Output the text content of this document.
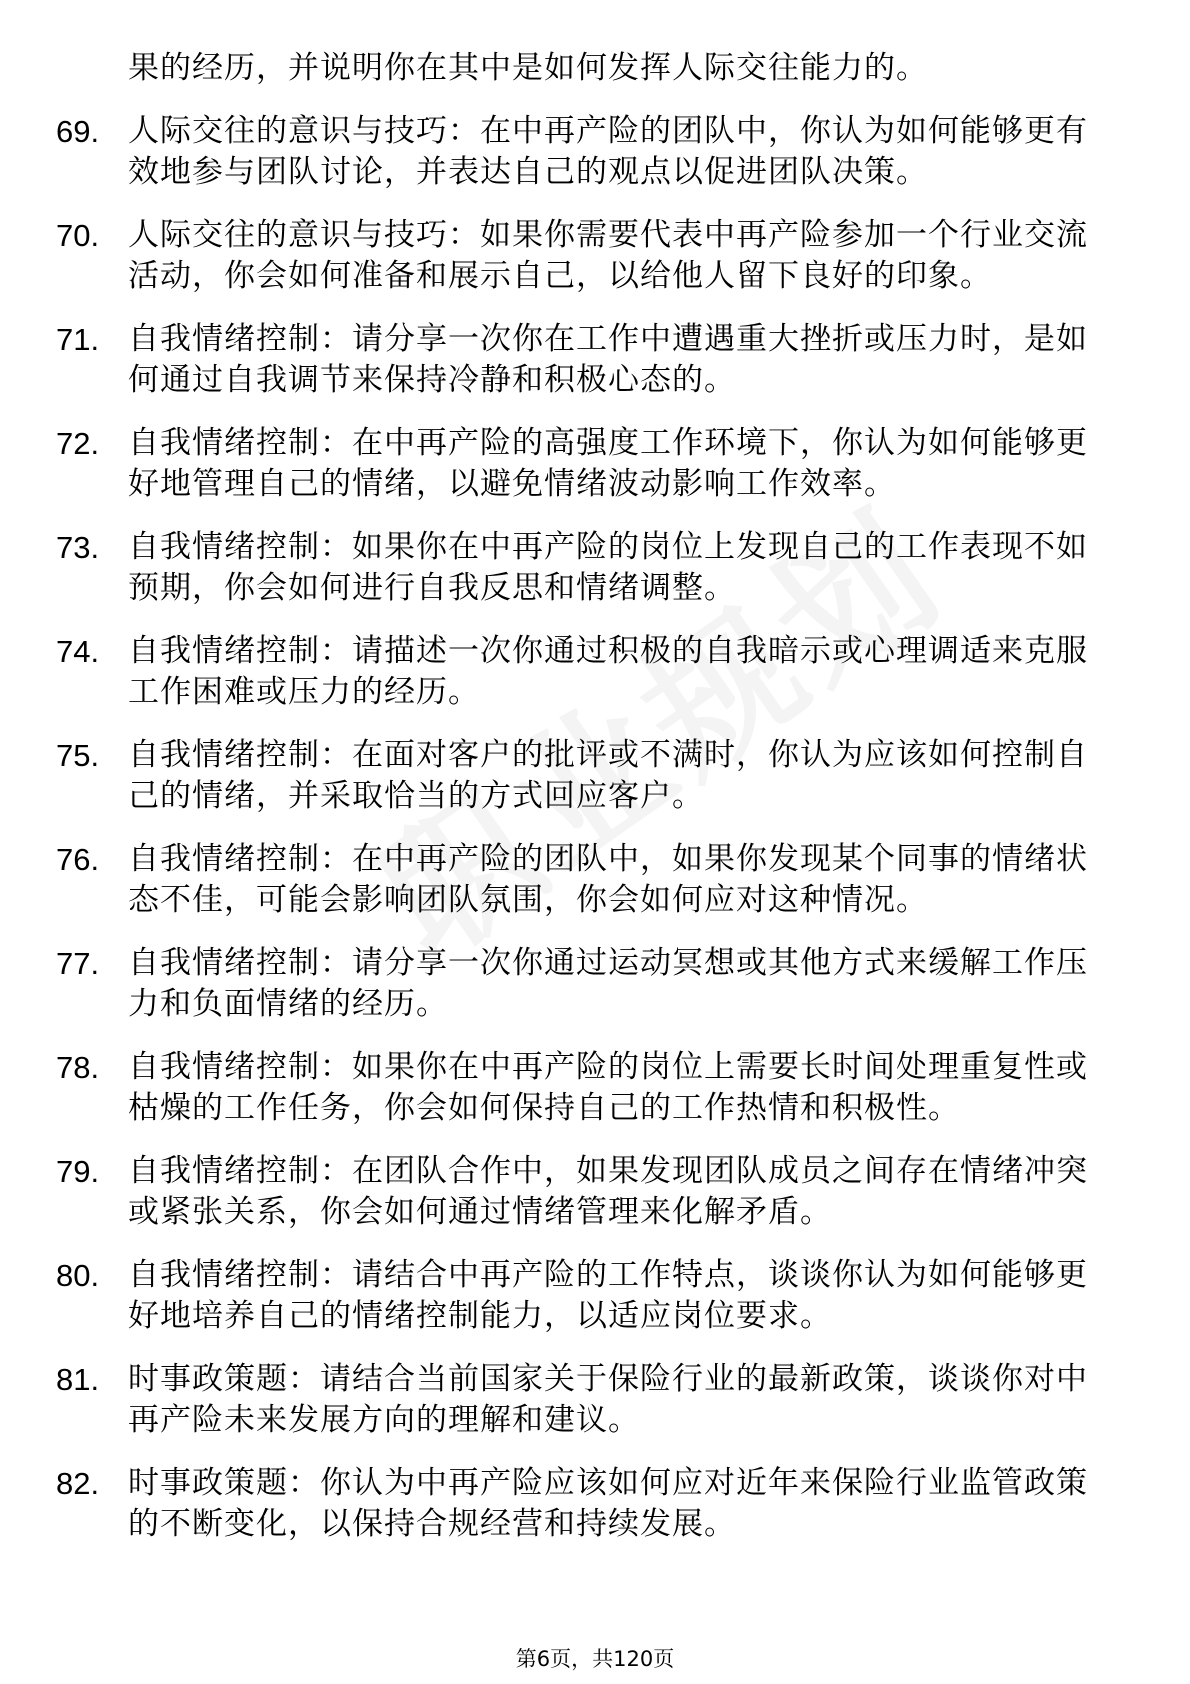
果的经历，并说明你在其中是如何发挥人际交往能力的。
69. 人际交往的意识与技巧：在中再产险的团队中，你认为如何能够更有效地参与团队讨论，并表达自己的观点以促进团队决策。
70. 人际交往的意识与技巧：如果你需要代表中再产险参加一个行业交流活动，你会如何准备和展示自己，以给他人留下良好的印象。
71. 自我情绪控制：请分享一次你在工作中遭遇重大挫折或压力时，是如何通过自我调节来保持冷静和积极心态的。
72. 自我情绪控制：在中再产险的高强度工作环境下，你认为如何能够更好地管理自己的情绪，以避免情绪波动影响工作效率。
73. 自我情绪控制：如果你在中再产险的岗位上发现自己的工作表现不如预期，你会如何进行自我反思和情绪调整。
74. 自我情绪控制：请描述一次你通过积极的自我暗示或心理调适来克服工作困难或压力的经历。
75. 自我情绪控制：在面对客户的批评或不满时，你认为应该如何控制自己的情绪，并采取恰当的方式回应客户。
76. 自我情绪控制：在中再产险的团队中，如果你发现某个同事的情绪状态不佳，可能会影响团队氛围，你会如何应对这种情况。
77. 自我情绪控制：请分享一次你通过运动冥想或其他方式来缓解工作压力和负面情绪的经历。
78. 自我情绪控制：如果你在中再产险的岗位上需要长时间处理重复性或枯燥的工作任务，你会如何保持自己的工作热情和积极性。
79. 自我情绪控制：在团队合作中，如果发现团队成员之间存在情绪冲突或紧张关系，你会如何通过情绪管理来化解矛盾。
80. 自我情绪控制：请结合中再产险的工作特点，谈谈你认为如何能够更好地培养自己的情绪控制能力，以适应岗位要求。
81. 时事政策题：请结合当前国家关于保险行业的最新政策，谈谈你对中再产险未来发展方向的理解和建议。
82. 时事政策题：你认为中再产险应该如何应对近年来保险行业监管政策的不断变化，以保持合规经营和持续发展。
第6页，共120页
